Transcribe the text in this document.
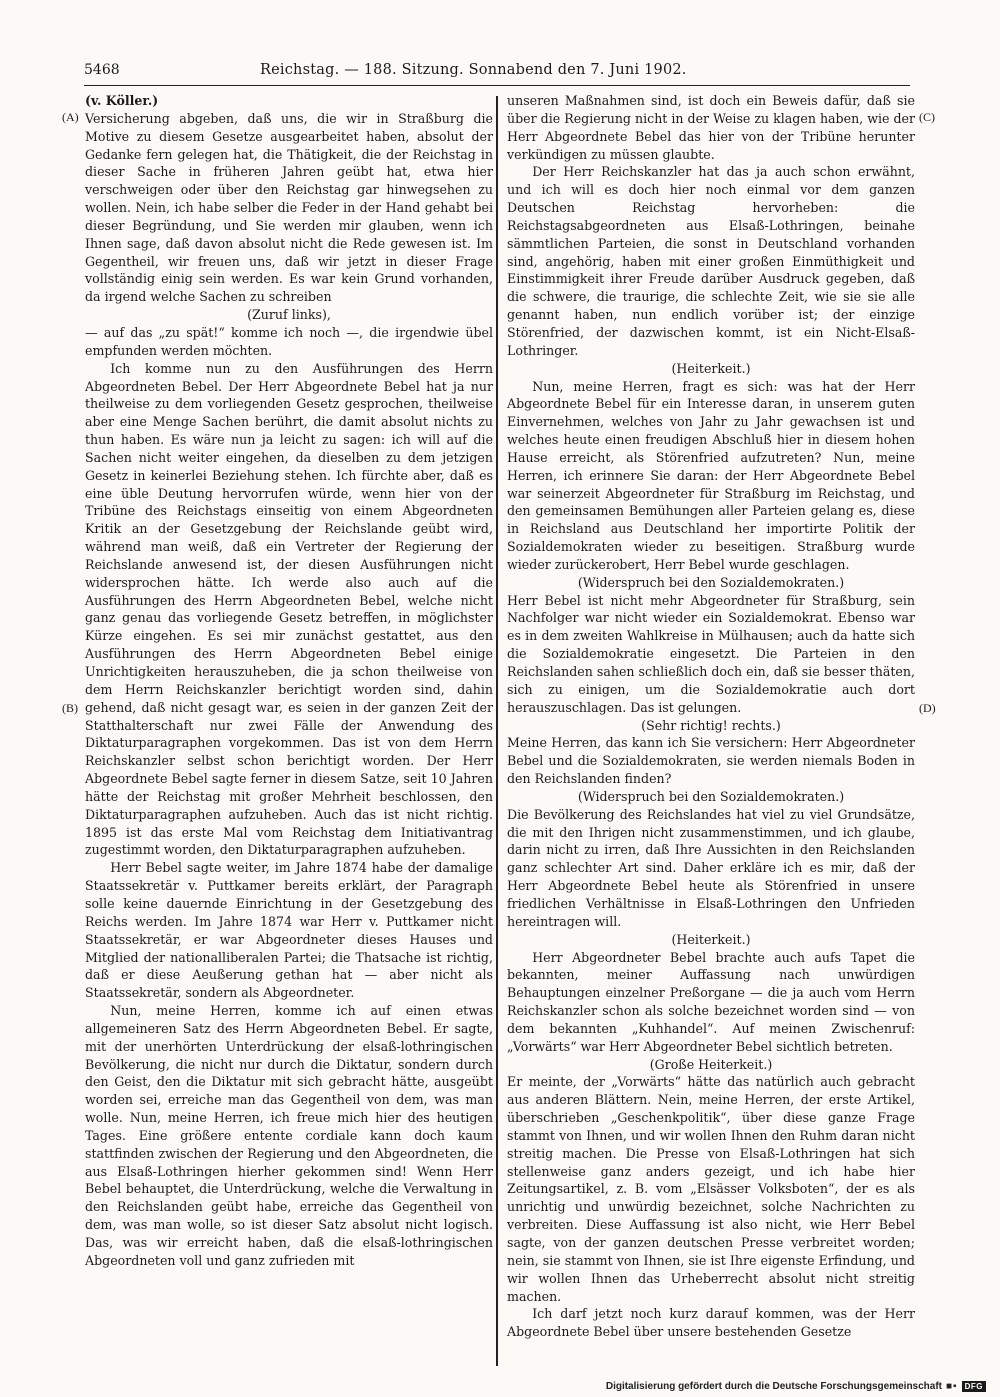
5468	Reichstag. — 188. Sitzung. Sonnabend den 7. Juni 1902.
(A)
(B)
(C)
(D)
(v. Köller.)

Versicherung abgeben, daß uns, die wir in Straßburg die Motive zu diesem Gesetze ausgearbeitet haben, absolut der Gedanke fern gelegen hat, die Thätigkeit, die der Reichstag in dieser Sache in früheren Jahren geübt hat, etwa hier verschweigen oder über den Reichstag gar hinwegsehen zu wollen. Nein, ich habe selber die Feder in der Hand gehabt bei dieser Begründung, und Sie werden mir glauben, wenn ich Ihnen sage, daß davon absolut nicht die Rede gewesen ist. Im Gegentheil, wir freuen uns, daß wir jetzt in dieser Frage vollständig einig sein werden. Es war kein Grund vorhanden, da irgend welche Sachen zu schreiben

(Zuruf links),

— auf das „zu spät!“ komme ich noch —, die irgendwie übel empfunden werden möchten.

Ich komme nun zu den Ausführungen des Herrn Abgeordneten Bebel. Der Herr Abgeordnete Bebel hat ja nur theilweise zu dem vorliegenden Gesetz gesprochen, theilweise aber eine Menge Sachen berührt, die damit absolut nichts zu thun haben. Es wäre nun ja leicht zu sagen: ich will auf die Sachen nicht weiter eingehen, da dieselben zu dem jetzigen Gesetz in keinerlei Beziehung stehen. Ich fürchte aber, daß es eine üble Deutung hervorrufen würde, wenn hier von der Tribüne des Reichstags einseitig von einem Abgeordneten Kritik an der Gesetzgebung der Reichslande geübt wird, während man weiß, daß ein Vertreter der Regierung der Reichslande anwesend ist, der diesen Ausführungen nicht widersprochen hätte. Ich werde also auch auf die Ausführungen des Herrn Abgeordneten Bebel, welche nicht ganz genau das vorliegende Gesetz betreffen, in möglichster Kürze eingehen. Es sei mir zunächst gestattet, aus den Ausführungen des Herrn Abgeordneten Bebel einige Unrichtigkeiten herauszuheben, die ja schon theilweise von dem Herrn Reichskanzler berichtigt worden sind, dahin gehend, daß nicht gesagt war, es seien in der ganzen Zeit der Statthalterschaft nur zwei Fälle der Anwendung des Diktaturparagraphen vorgekommen. Das ist von dem Herrn Reichskanzler selbst schon berichtigt worden. Der Herr Abgeordnete Bebel sagte ferner in diesem Satze, seit 10 Jahren hätte der Reichstag mit großer Mehrheit beschlossen, den Diktaturparagraphen aufzuheben. Auch das ist nicht richtig. 1895 ist das erste Mal vom Reichstag dem Initiativantrag zugestimmt worden, den Diktaturparagraphen aufzuheben.

Herr Bebel sagte weiter, im Jahre 1874 habe der damalige Staatssekretär v. Puttkamer bereits erklärt, der Paragraph solle keine dauernde Einrichtung in der Gesetzgebung des Reichs werden. Im Jahre 1874 war Herr v. Puttkamer nicht Staatssekretär, er war Abgeordneter dieses Hauses und Mitglied der nationalliberalen Partei; die Thatsache ist richtig, daß er diese Aeußerung gethan hat — aber nicht als Staatssekretär, sondern als Abgeordneter.

Nun, meine Herren, komme ich auf einen etwas allgemeineren Satz des Herrn Abgeordneten Bebel. Er sagte, mit der unerhörten Unterdrückung der elsaß-lothringischen Bevölkerung, die nicht nur durch die Diktatur, sondern durch den Geist, den die Diktatur mit sich gebracht hätte, ausgeübt worden sei, erreiche man das Gegentheil von dem, was man wolle. Nun, meine Herren, ich freue mich hier des heutigen Tages. Eine größere entente cordiale kann doch kaum stattfinden zwischen der Regierung und den Abgeordneten, die aus Elsaß-Lothringen hierher gekommen sind! Wenn Herr Bebel behauptet, die Unterdrückung, welche die Verwaltung in den Reichslanden geübt habe, erreiche das Gegentheil von dem, was man wolle, so ist dieser Satz absolut nicht logisch. Das, was wir erreicht haben, daß die elsaß-lothringischen Abgeordneten voll und ganz zufrieden mit

unseren Maßnahmen sind, ist doch ein Beweis dafür, daß sie über die Regierung nicht in der Weise zu klagen haben, wie der Herr Abgeordnete Bebel das hier von der Tribüne herunter verkündigen zu müssen glaubte.

Der Herr Reichskanzler hat das ja auch schon erwähnt, und ich will es doch hier noch einmal vor dem ganzen Deutschen Reichstag hervorheben: die Reichstagsabgeordneten aus Elsaß-Lothringen, beinahe sämmtlichen Parteien, die sonst in Deutschland vorhanden sind, angehörig, haben mit einer großen Einmüthigkeit und Einstimmigkeit ihrer Freude darüber Ausdruck gegeben, daß die schwere, die traurige, die schlechte Zeit, wie sie sie alle genannt haben, nun endlich vorüber ist; der einzige Störenfried, der dazwischen kommt, ist ein Nicht-Elsaß-Lothringer.

(Heiterkeit.)

Nun, meine Herren, fragt es sich: was hat der Herr Abgeordnete Bebel für ein Interesse daran, in unserem guten Einvernehmen, welches von Jahr zu Jahr gewachsen ist und welches heute einen freudigen Abschluß hier in diesem hohen Hause erreicht, als Störenfried aufzutreten? Nun, meine Herren, ich erinnere Sie daran: der Herr Abgeordnete Bebel war seinerzeit Abgeordneter für Straßburg im Reichstag, und den gemeinsamen Bemühungen aller Parteien gelang es, diese in Reichsland aus Deutschland her importirte Politik der Sozialdemokraten wieder zu beseitigen. Straßburg wurde wieder zurückerobert, Herr Bebel wurde geschlagen.

(Widerspruch bei den Sozialdemokraten.)

Herr Bebel ist nicht mehr Abgeordneter für Straßburg, sein Nachfolger war nicht wieder ein Sozialdemokrat. Ebenso war es in dem zweiten Wahlkreise in Mülhausen; auch da hatte sich die Sozialdemokratie eingesetzt. Die Parteien in den Reichslanden sahen schließlich doch ein, daß sie besser thäten, sich zu einigen, um die Sozialdemokratie auch dort herauszuschlagen. Das ist gelungen.

(Sehr richtig! rechts.)

Meine Herren, das kann ich Sie versichern: Herr Abgeordneter Bebel und die Sozialdemokraten, sie werden niemals Boden in den Reichslanden finden?

(Widerspruch bei den Sozialdemokraten.)

Die Bevölkerung des Reichslandes hat viel zu viel Grundsätze, die mit den Ihrigen nicht zusammenstimmen, und ich glaube, darin nicht zu irren, daß Ihre Aussichten in den Reichslanden ganz schlechter Art sind. Daher erkläre ich es mir, daß der Herr Abgeordnete Bebel heute als Störenfried in unsere friedlichen Verhältnisse in Elsaß-Lothringen den Unfrieden hereintragen will.

(Heiterkeit.)

Herr Abgeordneter Bebel brachte auch aufs Tapet die bekannten, meiner Auffassung nach unwürdigen Behauptungen einzelner Preßorgane — die ja auch vom Herrn Reichskanzler schon als solche bezeichnet worden sind — von dem bekannten „Kuhhandel“. Auf meinen Zwischenruf: „Vorwärts“ war Herr Abgeordneter Bebel sichtlich betreten.

(Große Heiterkeit.)

Er meinte, der „Vorwärts“ hätte das natürlich auch gebracht aus anderen Blättern. Nein, meine Herren, der erste Artikel, überschrieben „Geschenkpolitik“, über diese ganze Frage stammt von Ihnen, und wir wollen Ihnen den Ruhm daran nicht streitig machen. Die Presse von Elsaß-Lothringen hat sich stellenweise ganz anders gezeigt, und ich habe hier Zeitungsartikel, z. B. vom „Elsässer Volksboten“, der es als unrichtig und unwürdig bezeichnet, solche Nachrichten zu verbreiten. Diese Auffassung ist also nicht, wie Herr Bebel sagte, von der ganzen deutschen Presse verbreitet worden; nein, sie stammt von Ihnen, sie ist Ihre eigenste Erfindung, und wir wollen Ihnen das Urheberrecht absolut nicht streitig machen.

Ich darf jetzt noch kurz darauf kommen, was der Herr Abgeordnete Bebel über unsere bestehenden Gesetze

Digitalisierung gefördert durch die Deutsche Forschungsgemeinschaft ■▪ DFG
